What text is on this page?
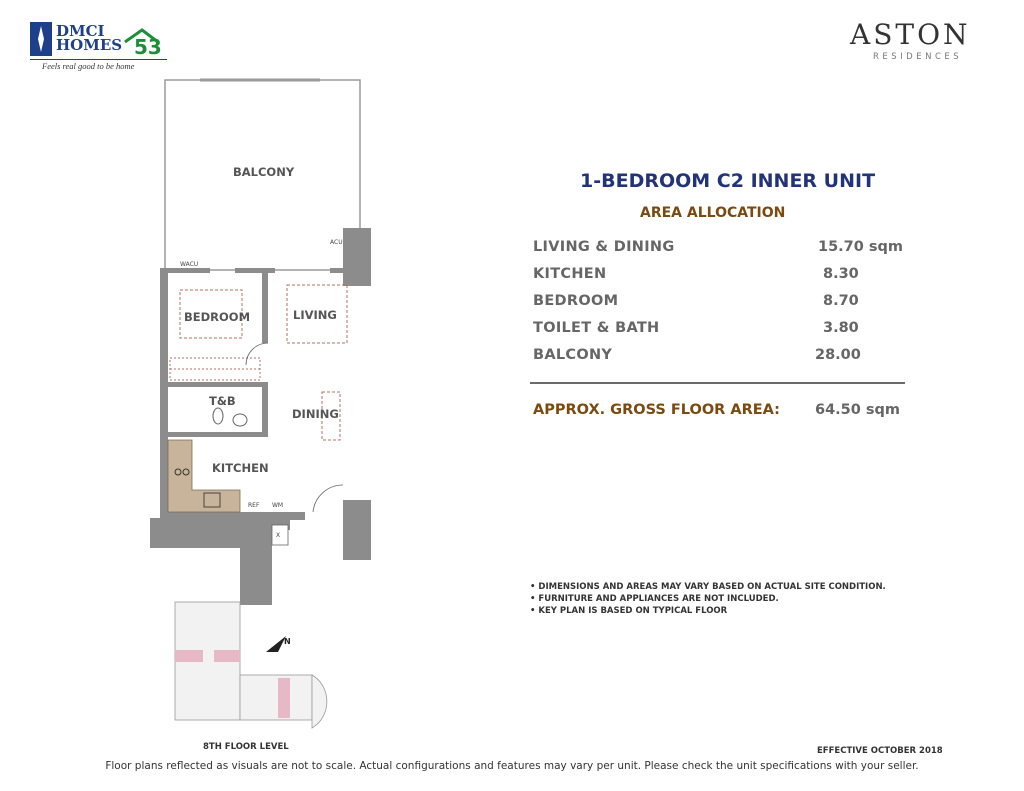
53
DMCI
HOMES
Feels real good to be home
ASTON
RESIDENCES
BALCONY
BEDROOM	LIVING
T&B
DINING
KITCHEN
WACU
ACU
REF WM
X
N
8TH FLOOR LEVEL
1-BEDROOM C2 INNER UNIT
AREA ALLOCATION
LIVING & DINING	15.70 sqm
KITCHEN	8.30
BEDROOM	8.70
TOILET & BATH	3.80
BALCONY	28.00
APPROX. GROSS FLOOR AREA: 64.50 sqm
• DIMENSIONS AND AREAS MAY VARY BASED ON ACTUAL SITE CONDITION.
• FURNITURE AND APPLIANCES ARE NOT INCLUDED.
• KEY PLAN IS BASED ON TYPICAL FLOOR
EFFECTIVE OCTOBER 2018
Floor plans reflected as visuals are not to scale. Actual configurations and features may vary per unit. Please check the unit specifications with your seller.
